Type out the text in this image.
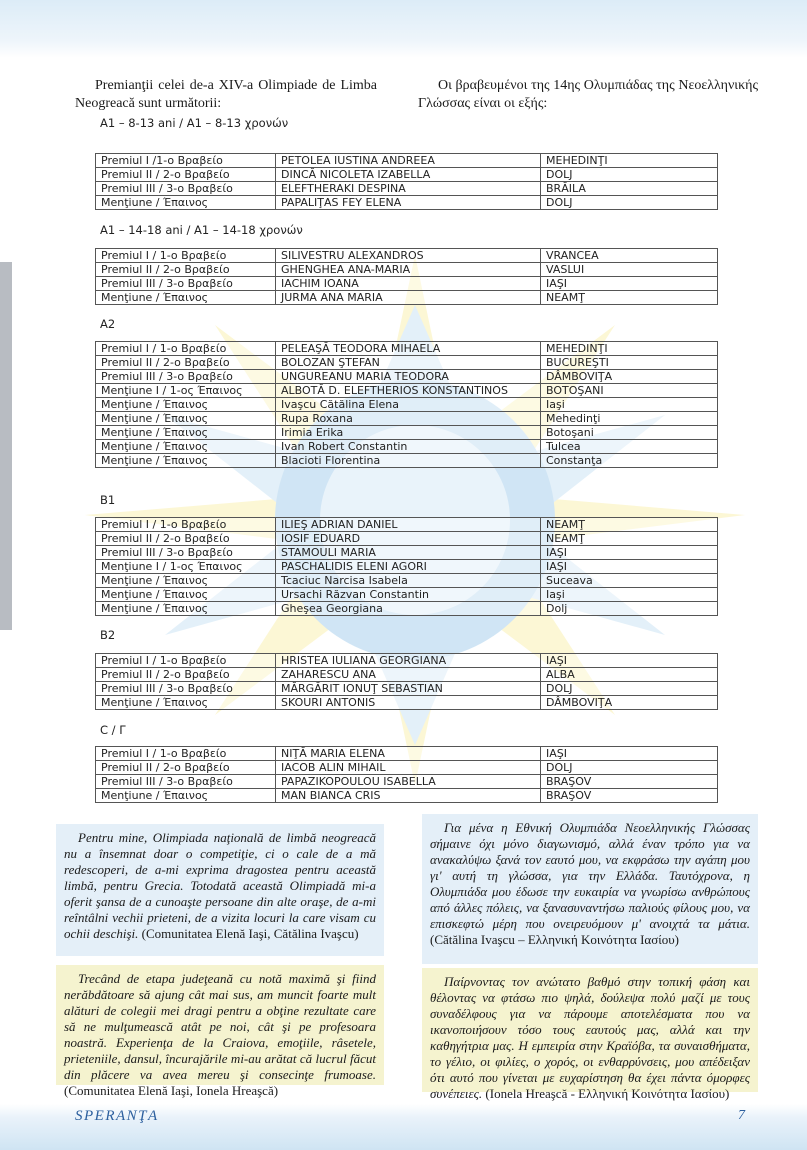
Premianţii celei de-a XIV-a Olimpiade de Limba Neogreacă sunt următorii:

Οι βραβευμένοι της 14ης Ολυμπιάδας της Νεοελληνικής Γλώσσας είναι οι εξής:

A1 – 8-13 ani / A1 – 8-13 χρονών
Premiul I /1-o Βραβείο	PETOLEA IUSTINA ANDREEA	MEHEDINŢI
Premiul II / 2-o Βραβείο	DINCĂ NICOLETA IZABELLA	DOLJ
Premiul III / 3-o Βραβείο	ELEFTHERAKI DESPINA	BRĂILA
Menţiune / Έπαινος	PAPALIŢAS FEY ELENA	DOLJ
A1 – 14-18 ani / A1 – 14-18 χρονών
Premiul I / 1-o Βραβείο	SILIVESTRU ALEXANDROS	VRANCEA
Premiul II / 2-o Βραβείο	GHENGHEA ANA-MARIA	VASLUI
Premiul III / 3-o Βραβείο	IACHIM IOANA	IAŞI
Menţiune / Έπαινος	JURMA ANA MARIA	NEAMŢ
A2
Premiul I / 1-o Βραβείο	PELEAŞĂ TEODORA MIHAELA	MEHEDINŢI
Premiul II / 2-o Βραβείο	BOLOZAN ŞTEFAN	BUCUREŞTI
Premiul III / 3-o Βραβείο	UNGUREANU MARIA TEODORA	DÂMBOVIŢA
Menţiune I / 1-ος Έπαινος	ALBOTĂ D. ELEFTHERIOS KONSTANTINOS	BOTOŞANI
Menţiune / Έπαινος	Ivaşcu Cătălina Elena	Iaşi
Menţiune / Έπαινος	Rupa Roxana	Mehedinţi
Menţiune / Έπαινος	Irimia Erika	Botoşani
Menţiune / Έπαινος	Ivan Robert Constantin	Tulcea
Menţiune / Έπαινος	Blacioti Florentina	Constanţa
B1
Premiul I / 1-o Βραβείο	ILIEŞ ADRIAN DANIEL	NEAMŢ
Premiul II / 2-o Βραβείο	IOSIF EDUARD	NEAMŢ
Premiul III / 3-o Βραβείο	STAMOULI MARIA	IAŞI
Menţiune I / 1-ος Έπαινος	PASCHALIDIS ELENI AGORI	IAŞI
Menţiune / Έπαινος	Tcaciuc Narcisa Isabela	Suceava
Menţiune / Έπαινος	Ursachi Răzvan Constantin	Iaşi
Menţiune / Έπαινος	Gheşea Georgiana	Dolj
B2
Premiul I / 1-o Βραβείο	HRISTEA IULIANA GEORGIANA	IAŞI
Premiul II / 2-o Βραβείο	ZAHARESCU ANA	ALBA
Premiul III / 3-o Βραβείο	MĂRGĂRIT IONUŢ SEBASTIAN	DOLJ
Menţiune / Έπαινος	SKOURI ANTONIS	DÂMBOVIŢA
C / Γ
Premiul I / 1-o Βραβείο	NIŢĂ MARIA ELENA	IAŞI
Premiul II / 2-o Βραβείο	IACOB ALIN MIHAIL	DOLJ
Premiul III / 3-o Βραβείο	PAPAZIKOPOULOU ISABELLA	BRAŞOV
Menţiune / Έπαινος	MAN BIANCA CRIS	BRAŞOV
Pentru mine, Olimpiada naţională de limbă neogreacă nu a însemnat doar o competiţie, ci o cale de a mă redescoperi, de a-mi exprima dragostea pentru această limbă, pentru Grecia. Totodată această Olimpiadă mi-a oferit şansa de a cunoaşte persoane din alte oraşe, de a-mi reîntâlni vechii prieteni, de a vizita locuri la care visam cu ochii deschişi. (Comunitatea Elenă Iaşi, Cătălina Ivaşcu)
Για μένα η Εθνική Ολυμπιάδα Νεοελληνικής Γλώσσας σήμαινε όχι μόνο διαγωνισμό, αλλά έναν τρόπο για να ανακαλύψω ξανά τον εαυτό μου, να εκφράσω την αγάπη μου γι' αυτή τη γλώσσα, για την Ελλάδα. Ταυτόχρονα, η Ολυμπιάδα μου έδωσε την ευκαιρία να γνωρίσω ανθρώπους από άλλες πόλεις, να ξανασυναντήσω παλιούς φίλους μου, να επισκεφτώ μέρη που ονειρευόμουν μ' ανοιχτά τα μάτια. (Cătălina Ivaşcu – Ελληνική Κοινότητα Ιασίου)
Trecând de etapa judeţeană cu notă maximă şi fiind nerăbdătoare să ajung cât mai sus, am muncit foarte mult alături de colegii mei dragi pentru a obţine rezultate care să ne mulţumească atât pe noi, cât şi pe profesoara noastră. Experienţa de la Craiova, emoţiile, râsetele, prieteniile, dansul, încurajările mi-au arătat că lucrul făcut din plăcere va avea mereu şi consecinţe frumoase. (Comunitatea Elenă Iaşi, Ionela Hreaşcă)
Παίρνοντας τον ανώτατο βαθμό στην τοπική φάση και θέλοντας να φτάσω πιο ψηλά, δούλεψα πολύ μαζί με τους συναδέλφους για να πάρουμε αποτελέσματα που να ικανοποιήσουν τόσο τους εαυτούς μας, αλλά και την καθηγήτρια μας. Η εμπειρία στην Κραϊόβα, τα συναισθήματα, το γέλιο, οι φιλίες, ο χορός, οι ενθαρρύνσεις, μου απέδειξαν ότι αυτό που γίνεται με ευχαρίστηση θα έχει πάντα όμορφες συνέπειες. (Ionela Hreaşcă - Ελληνική Κοινότητα Ιασίου)
SPERANŢA	7
